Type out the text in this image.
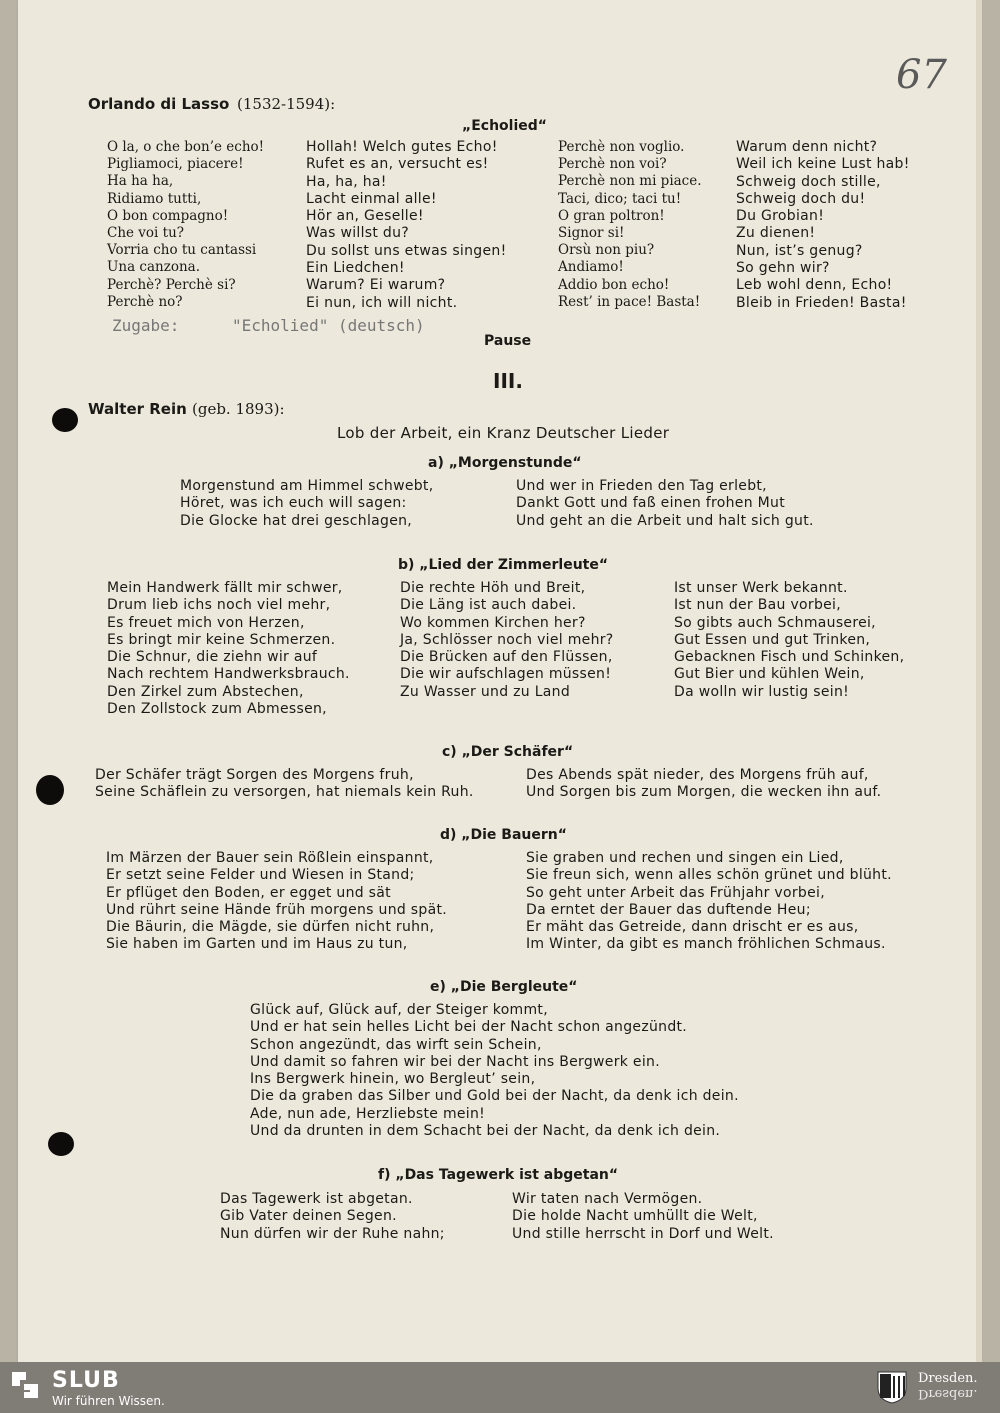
67
Orlando di Lasso (1532-1594):
„Echolied“
O la, o che bon’e echo!
Pigliamoci, piacere!
Ha ha ha,
Ridiamo tutti,
O bon compagno!
Che voi tu?
Vorria cho tu cantassi
Una canzona.
Perchè? Perchè si?
Perchè no?
Hollah! Welch gutes Echo!
Rufet es an, versucht es!
Ha, ha, ha!
Lacht einmal alle!
Hör an, Geselle!
Was willst du?
Du sollst uns etwas singen!
Ein Liedchen!
Warum? Ei warum?
Ei nun, ich will nicht.
Perchè non voglio.
Perchè non voi?
Perchè non mi piace.
Taci, dico; taci tu!
O gran poltron!
Signor si!
Orsù non piu?
Andiamo!
Addio bon echo!
Rest’ in pace! Basta!
Warum denn nicht?
Weil ich keine Lust hab!
Schweig doch stille,
Schweig doch du!
Du Grobian!
Zu dienen!
Nun, ist’s genug?
So gehn wir?
Leb wohl denn, Echo!
Bleib in Frieden! Basta!
Zugabe:	"Echolied" (deutsch)
Pause
III.
Walter Rein (geb. 1893):
Lob der Arbeit, ein Kranz Deutscher Lieder
a) „Morgenstunde“
Morgenstund am Himmel schwebt,
Höret, was ich euch will sagen:
Die Glocke hat drei geschlagen,
Und wer in Frieden den Tag erlebt,
Dankt Gott und faß einen frohen Mut
Und geht an die Arbeit und halt sich gut.
b) „Lied der Zimmerleute“
Mein Handwerk fällt mir schwer,
Drum lieb ichs noch viel mehr,
Es freuet mich von Herzen,
Es bringt mir keine Schmerzen.
Die Schnur, die ziehn wir auf
Nach rechtem Handwerksbrauch.
Den Zirkel zum Abstechen,
Den Zollstock zum Abmessen,
Die rechte Höh und Breit,
Die Läng ist auch dabei.
Wo kommen Kirchen her?
Ja, Schlösser noch viel mehr?
Die Brücken auf den Flüssen,
Die wir aufschlagen müssen!
Zu Wasser und zu Land
Ist unser Werk bekannt.
Ist nun der Bau vorbei,
So gibts auch Schmauserei,
Gut Essen und gut Trinken,
Gebacknen Fisch und Schinken,
Gut Bier und kühlen Wein,
Da wolln wir lustig sein!
c) „Der Schäfer“
Der Schäfer trägt Sorgen des Morgens fruh,
Seine Schäflein zu versorgen, hat niemals kein Ruh.
Des Abends spät nieder, des Morgens früh auf,
Und Sorgen bis zum Morgen, die wecken ihn auf.
d) „Die Bauern“
Im Märzen der Bauer sein Rößlein einspannt,
Er setzt seine Felder und Wiesen in Stand;
Er pflüget den Boden, er egget und sät
Und rührt seine Hände früh morgens und spät.
Die Bäurin, die Mägde, sie dürfen nicht ruhn,
Sie haben im Garten und im Haus zu tun,
Sie graben und rechen und singen ein Lied,
Sie freun sich, wenn alles schön grünet und blüht.
So geht unter Arbeit das Frühjahr vorbei,
Da erntet der Bauer das duftende Heu;
Er mäht das Getreide, dann drischt er es aus,
Im Winter, da gibt es manch fröhlichen Schmaus.
e) „Die Bergleute“
Glück auf, Glück auf, der Steiger kommt,
Und er hat sein helles Licht bei der Nacht schon angezündt.
Schon angezündt, das wirft sein Schein,
Und damit so fahren wir bei der Nacht ins Bergwerk ein.
Ins Bergwerk hinein, wo Bergleut’ sein,
Die da graben das Silber und Gold bei der Nacht, da denk ich dein.
Ade, nun ade, Herzliebste mein!
Und da drunten in dem Schacht bei der Nacht, da denk ich dein.
f) „Das Tagewerk ist abgetan“
Das Tagewerk ist abgetan.
Gib Vater deinen Segen.
Nun dürfen wir der Ruhe nahn;
Wir taten nach Vermögen.
Die holde Nacht umhüllt die Welt,
Und stille herrscht in Dorf und Welt.
SLUB
Wir führen Wissen.
Dresden.
Dresden.
